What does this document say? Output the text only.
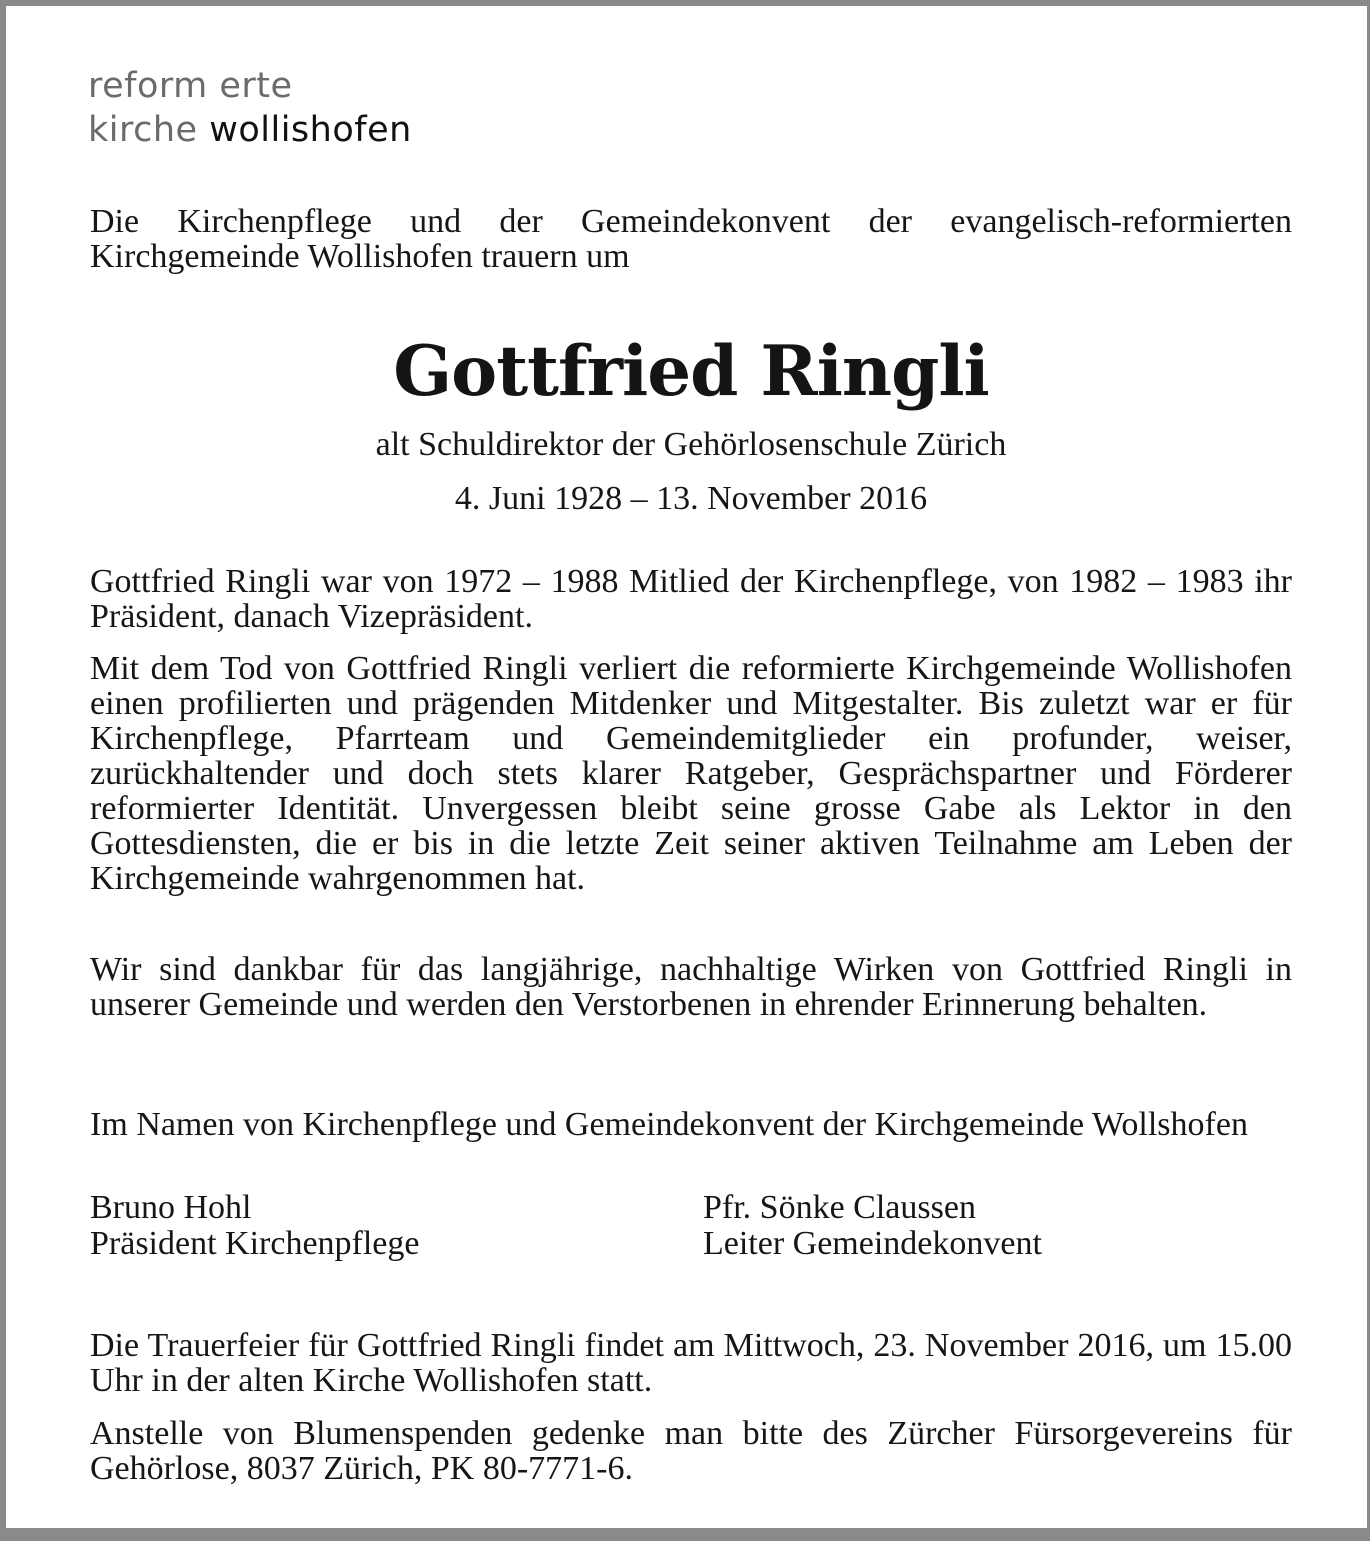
reform erte
kirche wollishofen
Die Kirchenpflege und der Gemeindekonvent der evangelisch-reformierten Kirchgemeinde Wollishofen trauern um
Gottfried Ringli
alt Schuldirektor der Gehörlosenschule Zürich
4. Juni 1928 – 13. November 2016
Gottfried Ringli war von 1972 – 1988 Mitlied der Kirchenpflege, von 1982 – 1983 ihr Präsident, danach Vizepräsident.
Mit dem Tod von Gottfried Ringli verliert die reformierte Kirchgemeinde Wollishofen einen profilierten und prägenden Mitdenker und Mitgestalter. Bis zuletzt war er für Kirchenpflege, Pfarrteam und Gemeindemitglieder ein profunder, weiser, zurückhaltender und doch stets klarer Ratgeber, Gesprächspartner und Förderer reformierter Identität. Unvergessen bleibt seine grosse Gabe als Lektor in den Gottesdiensten, die er bis in die letzte Zeit seiner aktiven Teilnahme am Leben der Kirchgemeinde wahrgenommen hat.
Wir sind dankbar für das langjährige, nachhaltige Wirken von Gottfried Ringli in unserer Gemeinde und werden den Verstorbenen in ehrender Erinnerung behalten.
Im Namen von Kirchenpflege und Gemeindekonvent der Kirchgemeinde Wollshofen
Bruno Hohl
Präsident Kirchenpflege
Pfr. Sönke Claussen
Leiter Gemeindekonvent
Die Trauerfeier für Gottfried Ringli findet am Mittwoch, 23. November 2016, um 15.00 Uhr in der alten Kirche Wollishofen statt.
Anstelle von Blumenspenden gedenke man bitte des Zürcher Fürsorgevereins für Gehörlose, 8037 Zürich, PK 80-7771-6.
